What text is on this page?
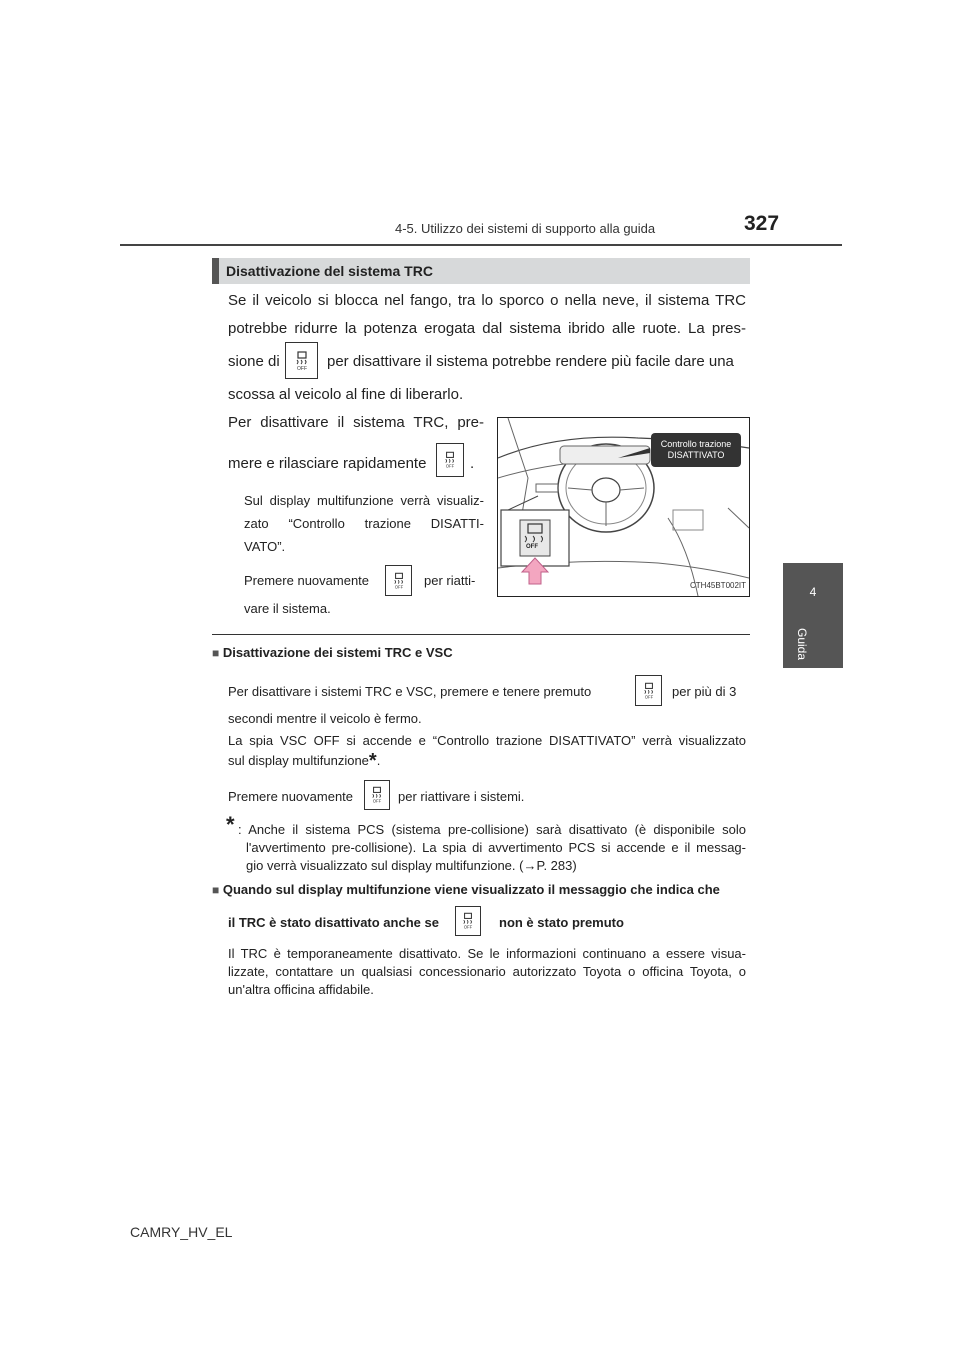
4-5. Utilizzo dei sistemi di supporto alla guida	327
4
Guida
Disattivazione del sistema TRC
Se il veicolo si blocca nel fango, tra lo sporco o nella neve, il sistema TRC
potrebbe ridurre la potenza erogata dal sistema ibrido alle ruote. La pres-
sione di	OFF per disattivare il sistema potrebbe rendere più facile dare una
scossa al veicolo al fine di liberarlo.
Per disattivare il sistema TRC, pre-
mere e rilasciare rapidamente	OFF .
Sul display multifunzione verrà visualiz-
zato “Controllo trazione DISATTI-
VATO”.
Premere nuovamente	OFF per riatti-
vare il sistema.
Controllo trazione
DISATTIVATO
OFF
CTH45BT002IT
■ Disattivazione dei sistemi TRC e VSC
Per disattivare i sistemi TRC e VSC, premere e tenere premuto	OFF per più di 3
secondi mentre il veicolo è fermo.
La spia VSC OFF si accende e “Controllo trazione DISATTIVATO” verrà visualizzato
sul display multifunzione*.
Premere nuovamente	OFF per riattivare i sistemi.
* : Anche il sistema PCS (sistema pre-collisione) sarà disattivato (è disponibile solo
l'avvertimento pre-collisione). La spia di avvertimento PCS si accende e il messag-
gio verrà visualizzato sul display multifunzione. (→P. 283)
■ Quando sul display multifunzione viene visualizzato il messaggio che indica che
il TRC è stato disattivato anche se	OFF non è stato premuto
Il TRC è temporaneamente disattivato. Se le informazioni continuano a essere visua-
lizzate, contattare un qualsiasi concessionario autorizzato Toyota o officina Toyota, o
un'altra officina affidabile.
CAMRY_HV_EL
